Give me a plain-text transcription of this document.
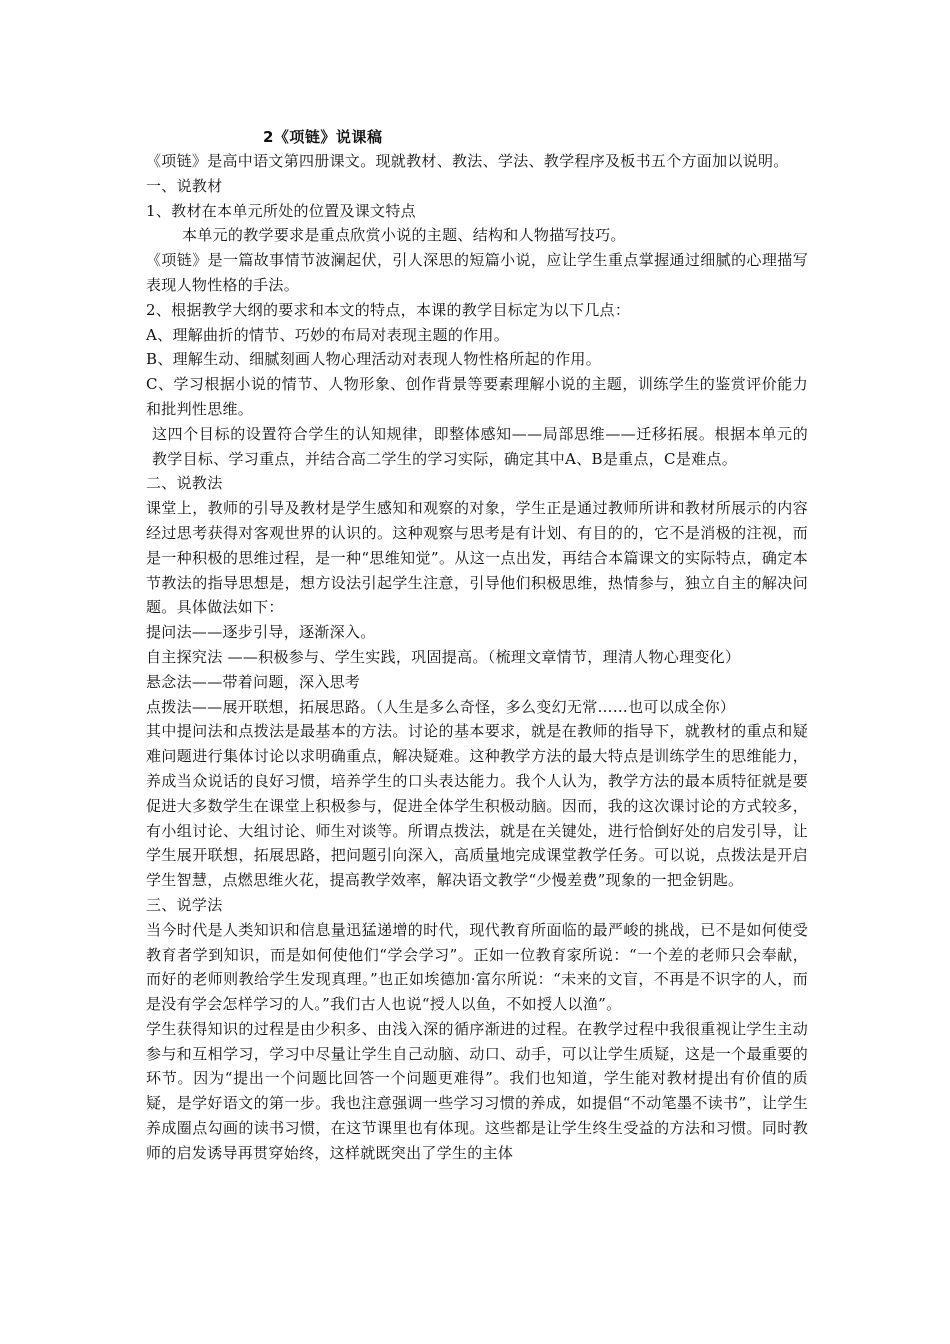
2《项链》说课稿

《项链》是高中语文第四册课文。现就教材、教法、学法、教学程序及板书五个方面加以说明。

一、说教材

1、教材在本单元所处的位置及课文特点

本单元的教学要求是重点欣赏小说的主题、结构和人物描写技巧。

《项链》是一篇故事情节波澜起伏，引人深思的短篇小说，应让学生重点掌握通过细腻的心理描写表现人物性格的手法。

2、根据教学大纲的要求和本文的特点，本课的教学目标定为以下几点：

A、理解曲折的情节、巧妙的布局对表现主题的作用。

B、理解生动、细腻刻画人物心理活动对表现人物性格所起的作用。

C、学习根据小说的情节、人物形象、创作背景等要素理解小说的主题，训练学生的鉴赏评价能力和批判性思维。

这四个目标的设置符合学生的认知规律，即整体感知——局部思维——迁移拓展。根据本单元的教学目标、学习重点，并结合高二学生的学习实际，确定其中A、B是重点，C是难点。

二、说教法

课堂上，教师的引导及教材是学生感知和观察的对象，学生正是通过教师所讲和教材所展示的内容经过思考获得对客观世界的认识的。这种观察与思考是有计划、有目的的，它不是消极的注视，而是一种积极的思维过程，是一种“思维知觉”。从这一点出发，再结合本篇课文的实际特点，确定本节教法的指导思想是，想方设法引起学生注意，引导他们积极思维，热情参与，独立自主的解决问题。具体做法如下：

提问法——逐步引导，逐渐深入。

自主探究法 ——积极参与、学生实践，巩固提高。（梳理文章情节，理清人物心理变化）

悬念法——带着问题，深入思考

点拨法——展开联想，拓展思路。（人生是多么奇怪，多么变幻无常……也可以成全你）

其中提问法和点拨法是最基本的方法。讨论的基本要求，就是在教师的指导下，就教材的重点和疑难问题进行集体讨论以求明确重点，解决疑难。这种教学方法的最大特点是训练学生的思维能力，养成当众说话的良好习惯，培养学生的口头表达能力。我个人认为，教学方法的最本质特征就是要促进大多数学生在课堂上积极参与，促进全体学生积极动脑。因而，我的这次课讨论的方式较多，有小组讨论、大组讨论、师生对谈等。所谓点拨法，就是在关键处，进行恰倒好处的启发引导，让学生展开联想，拓展思路，把问题引向深入，高质量地完成课堂教学任务。可以说，点拨法是开启学生智慧，点燃思维火花，提高教学效率，解决语文教学“少慢差费”现象的一把金钥匙。

三、说学法

当今时代是人类知识和信息量迅猛递增的时代，现代教育所面临的最严峻的挑战，已不是如何使受教育者学到知识，而是如何使他们“学会学习”。正如一位教育家所说：“一个差的老师只会奉献，而好的老师则教给学生发现真理。”也正如埃德加·富尔所说：“未来的文盲，不再是不识字的人，而是没有学会怎样学习的人。”我们古人也说“授人以鱼，不如授人以渔”。

学生获得知识的过程是由少积多、由浅入深的循序渐进的过程。在教学过程中我很重视让学生主动参与和互相学习，学习中尽量让学生自己动脑、动口、动手，可以让学生质疑，这是一个最重要的环节。因为“提出一个问题比回答一个问题更难得”。我们也知道，学生能对教材提出有价值的质疑，是学好语文的第一步。我也注意强调一些学习习惯的养成，如提倡“不动笔墨不读书”，让学生养成圈点勾画的读书习惯，在这节课里也有体现。这些都是让学生终生受益的方法和习惯。同时教师的启发诱导再贯穿始终，这样就既突出了学生的主体
